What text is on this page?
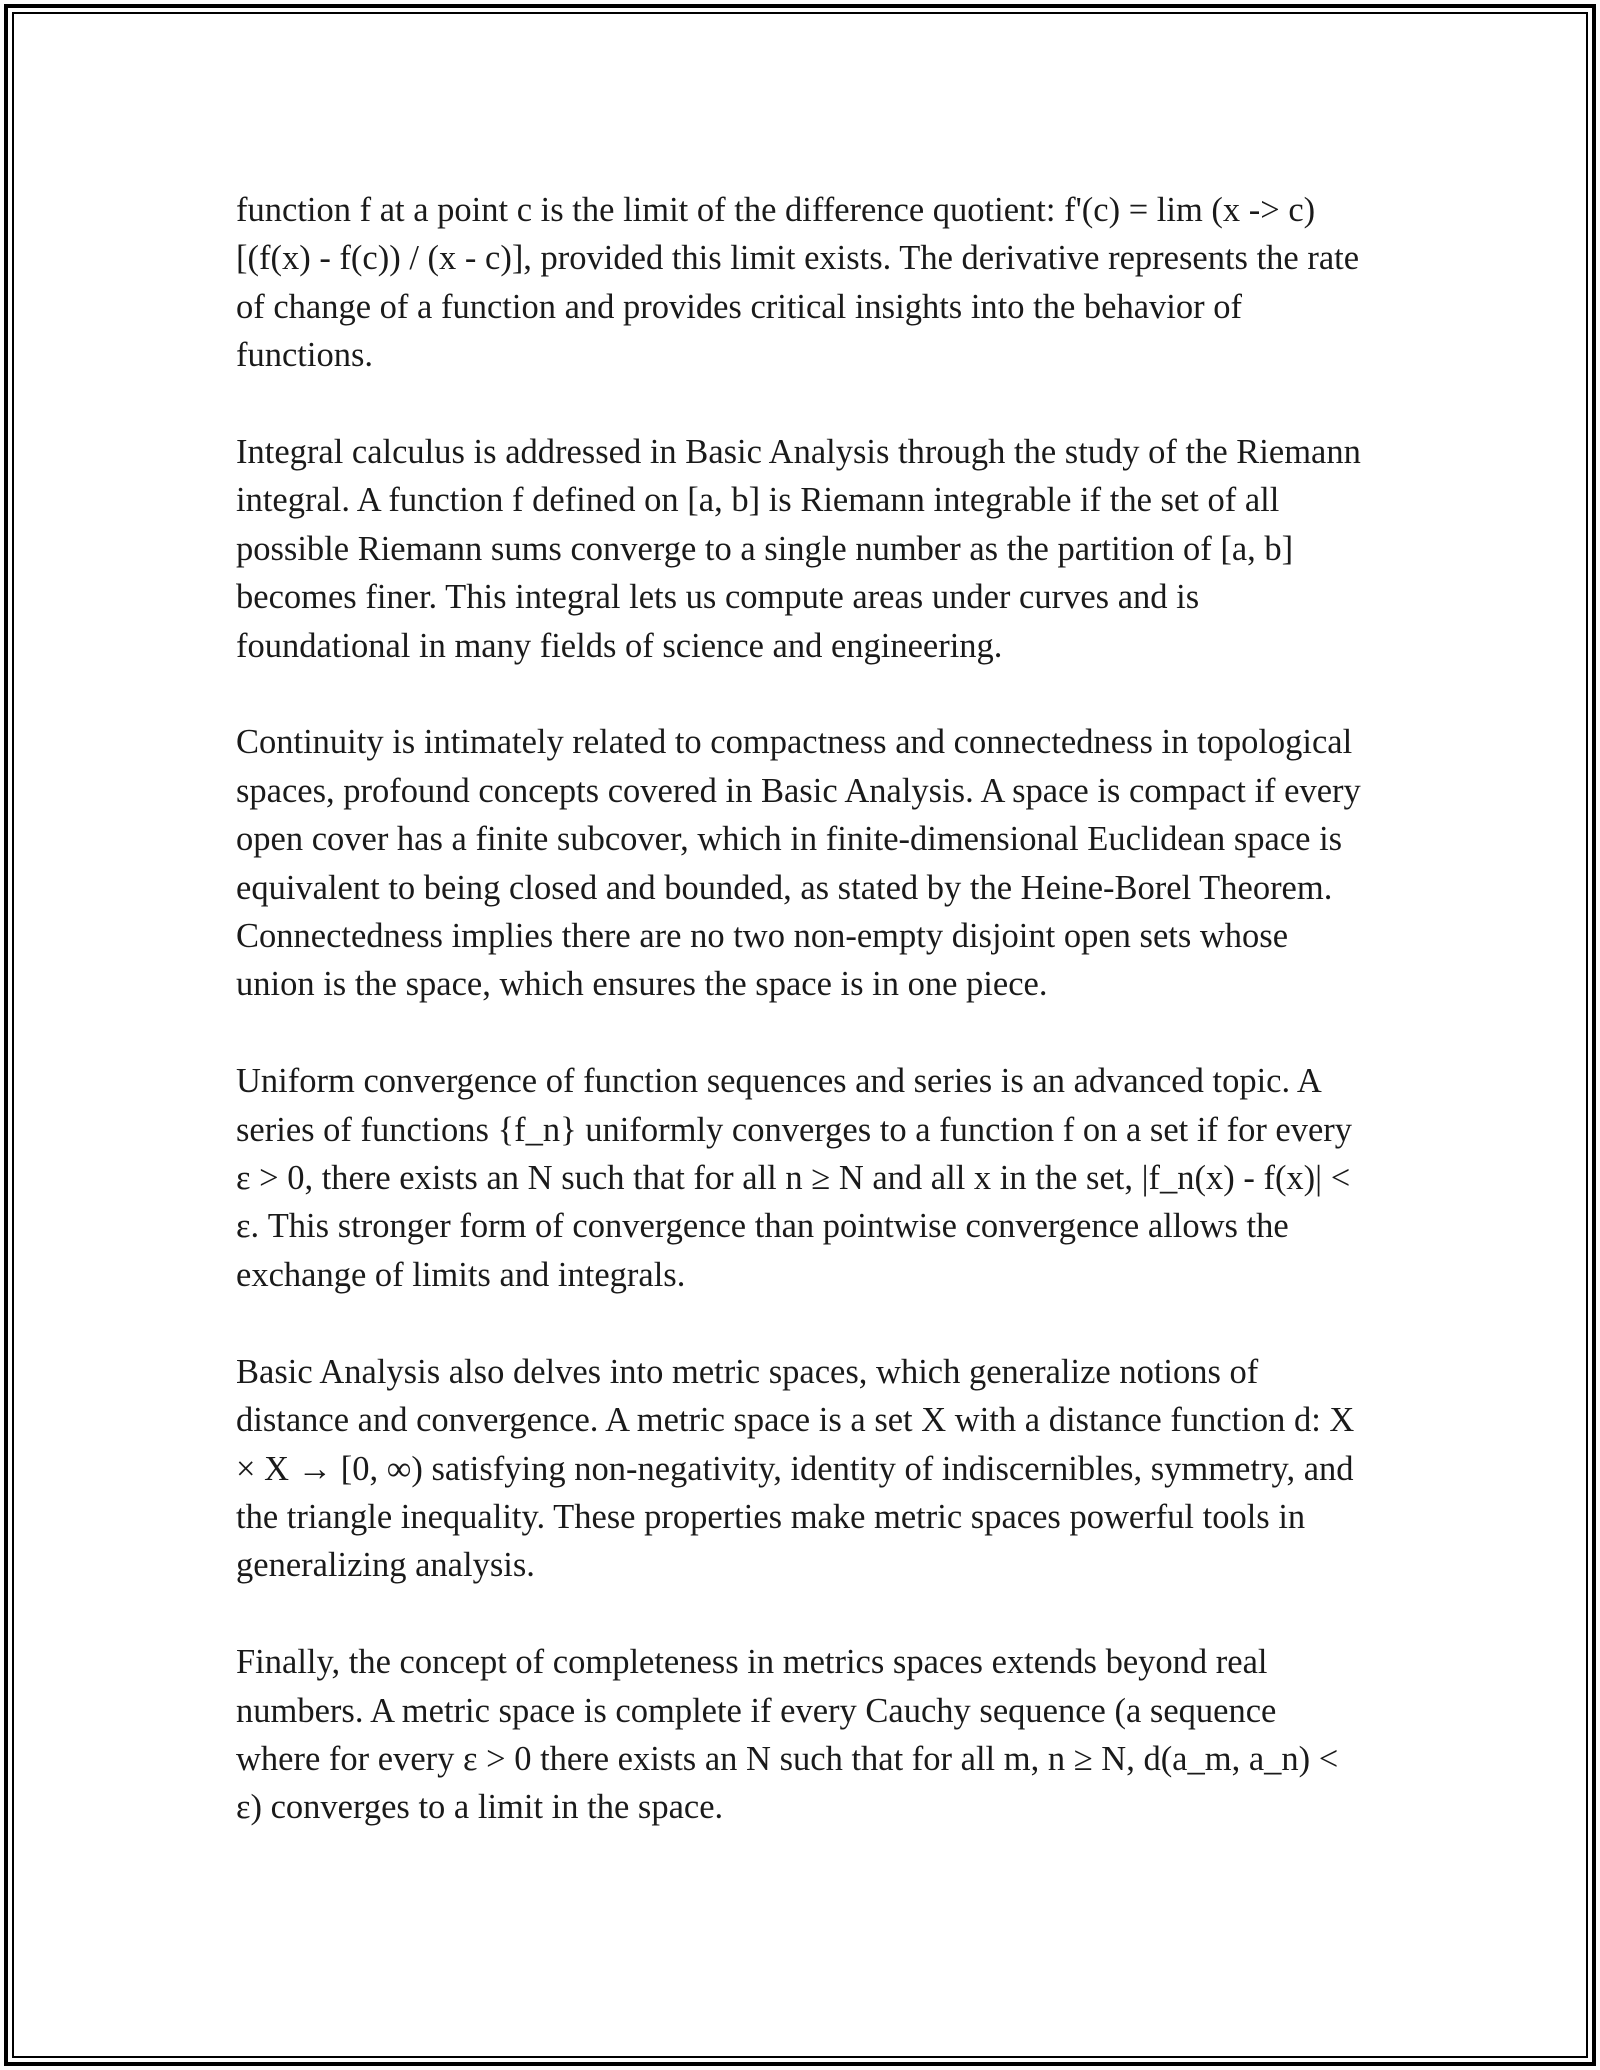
function f at a point c is the limit of the difference quotient: f'(c) = lim (x -> c) [(f(x) - f(c)) / (x - c)], provided this limit exists. The derivative represents the rate of change of a function and provides critical insights into the behavior of functions.

Integral calculus is addressed in Basic Analysis through the study of the Riemann integral. A function f defined on [a, b] is Riemann integrable if the set of all possible Riemann sums converge to a single number as the partition of [a, b] becomes finer. This integral lets us compute areas under curves and is foundational in many fields of science and engineering.

Continuity is intimately related to compactness and connectedness in topological spaces, profound concepts covered in Basic Analysis. A space is compact if every open cover has a finite subcover, which in finite-dimensional Euclidean space is equivalent to being closed and bounded, as stated by the Heine-Borel Theorem. Connectedness implies there are no two non-empty disjoint open sets whose union is the space, which ensures the space is in one piece.

Uniform convergence of function sequences and series is an advanced topic. A series of functions {f_n} uniformly converges to a function f on a set if for every ε > 0, there exists an N such that for all n ≥ N and all x in the set, |f_n(x) - f(x)| < ε. This stronger form of convergence than pointwise convergence allows the exchange of limits and integrals.

Basic Analysis also delves into metric spaces, which generalize notions of distance and convergence. A metric space is a set X with a distance function d: X × X → [0, ∞) satisfying non-negativity, identity of indiscernibles, symmetry, and the triangle inequality. These properties make metric spaces powerful tools in generalizing analysis.

Finally, the concept of completeness in metrics spaces extends beyond real numbers. A metric space is complete if every Cauchy sequence (a sequence where for every ε > 0 there exists an N such that for all m, n ≥ N, d(a_m, a_n) < ε) converges to a limit in the space.
